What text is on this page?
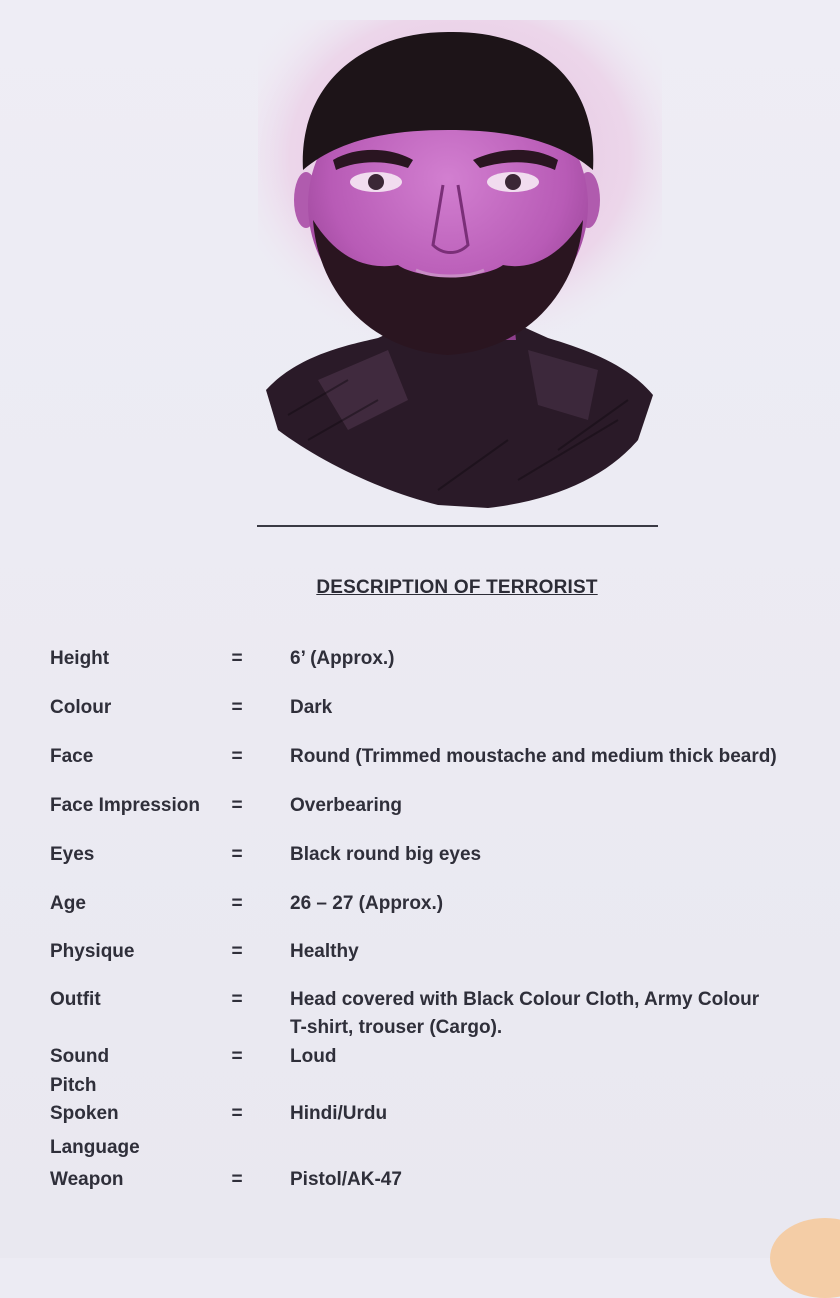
DESCRIPTION OF TERRORIST
Height	= 6’ (Approx.)
Colour	= Dark
Face	= Round (Trimmed moustache and medium thick beard)
Face Impression	= Overbearing
Eyes	= Black round big eyes
Age	= 26 – 27 (Approx.)
Physique	= Healthy
Outfit	= Head covered with Black Colour Cloth, Army Colour
T-shirt, trouser (Cargo).
Sound	= Loud
Pitch
Spoken	= Hindi/Urdu
Language
Weapon	= Pistol/AK-47
